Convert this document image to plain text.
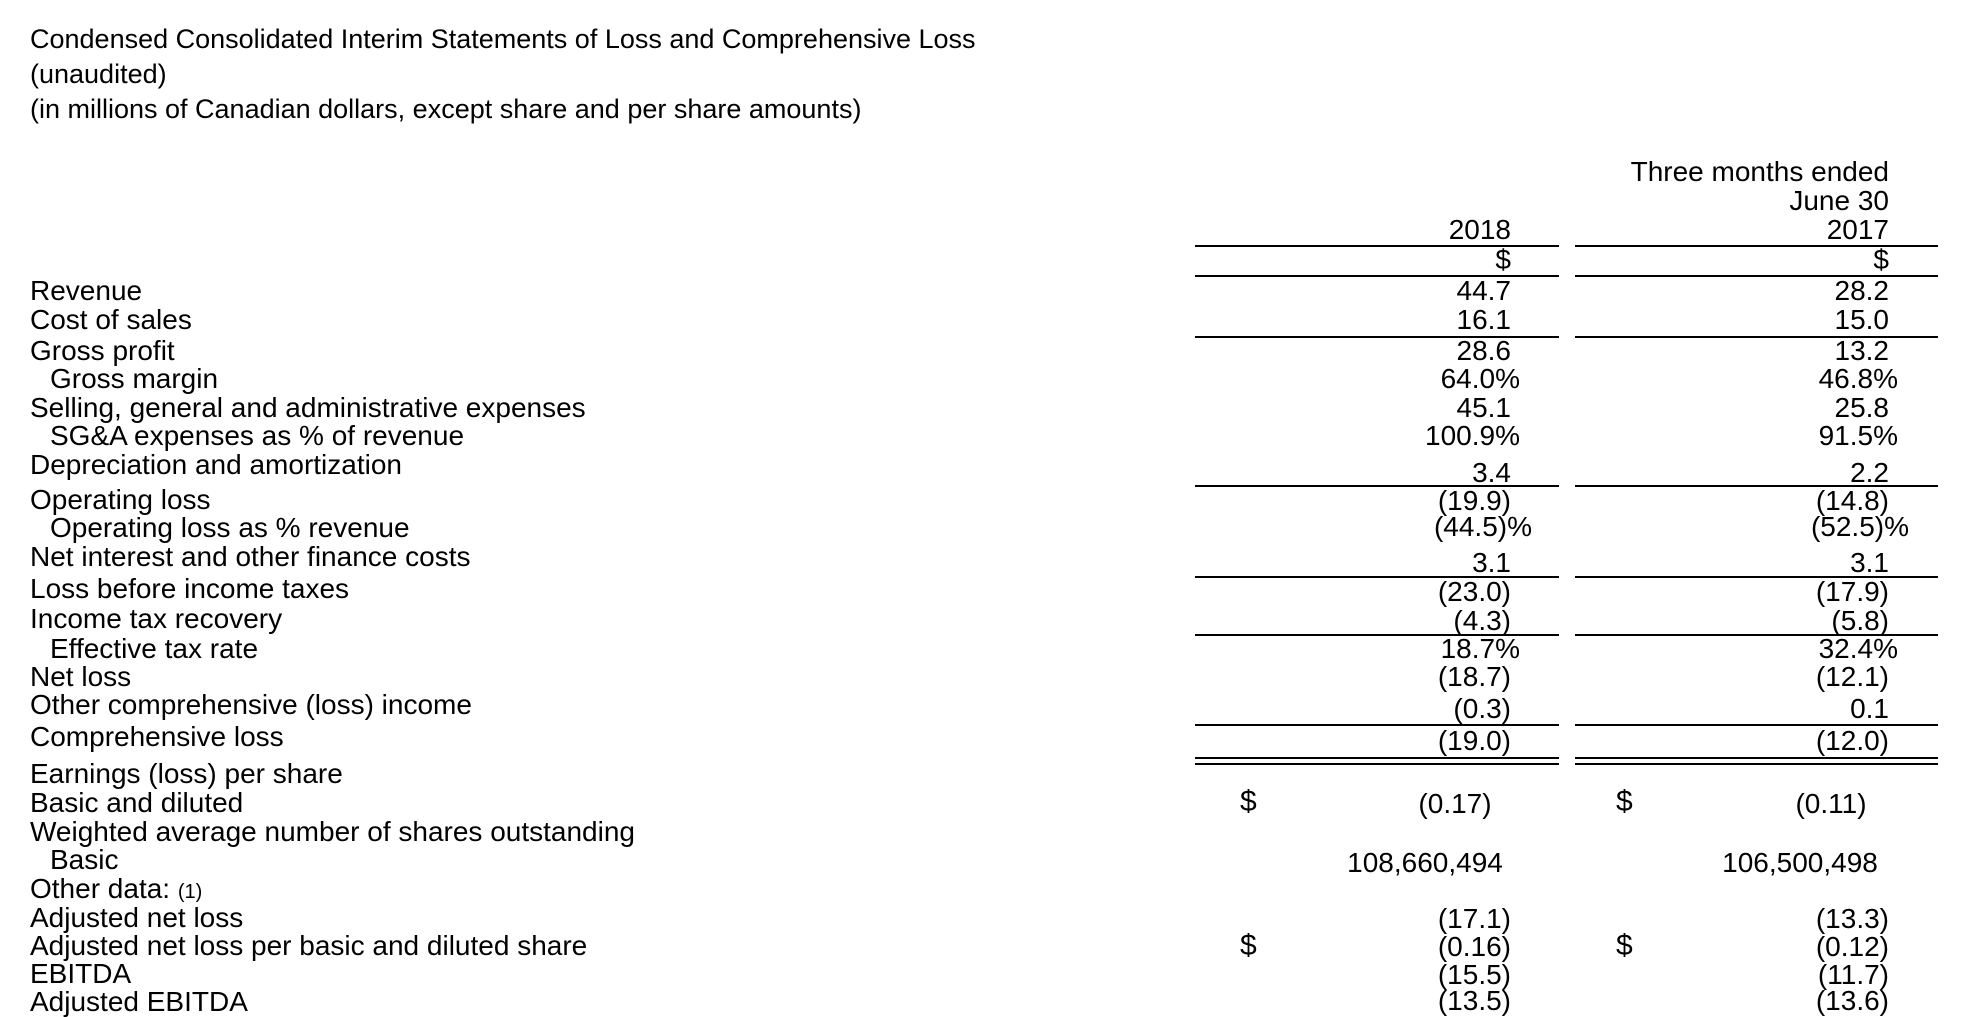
Condensed Consolidated Interim Statements of Loss and Comprehensive Loss
(unaudited)
(in millions of Canadian dollars, except share and per share amounts)
Three months ended
June 30
2018	2017
$	$
Revenue	44.7	28.2
Cost of sales	16.1	15.0
Gross profit	28.6	13.2
Gross margin	64.0%	46.8%
Selling, general and administrative expenses	45.1	25.8
SG&A expenses as % of revenue	100.9%	91.5%
Depreciation and amortization	3.4	2.2
Operating loss	(19.9)	(14.8)
Operating loss as % revenue	(44.5)%	(52.5)%
Net interest and other finance costs	3.1	3.1
Loss before income taxes	(23.0)	(17.9)
Income tax recovery	(4.3)	(5.8)
Effective tax rate	18.7%	32.4%
Net loss	(18.7)	(12.1)
Other comprehensive (loss) income	(0.3)	0.1
Comprehensive loss	(19.0)	(12.0)
Earnings (loss) per share
Basic and diluted	$	(0.17)	$	(0.11)
Weighted average number of shares outstanding
Basic	108,660,494	106,500,498
Other data: (1)
Adjusted net loss	(17.1)	(13.3)
Adjusted net loss per basic and diluted share	$	(0.16)	$	(0.12)
EBITDA	(15.5)	(11.7)
Adjusted EBITDA	(13.5)	(13.6)
